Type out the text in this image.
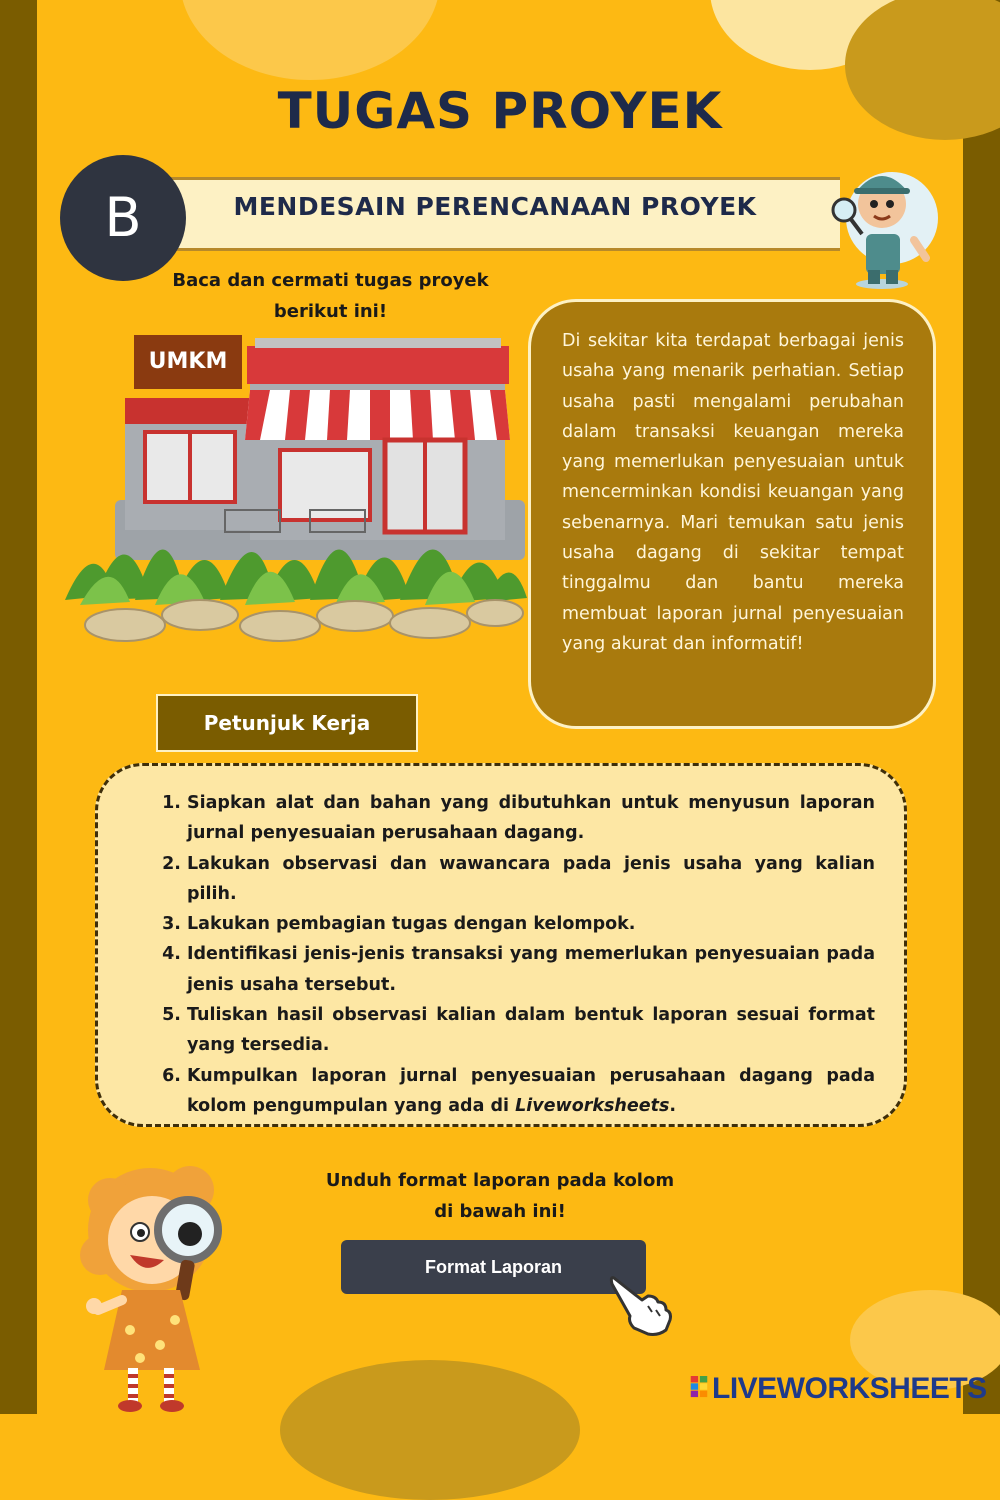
TUGAS PROYEK
MENDESAIN PERENCANAAN PROYEK
B
Baca dan cermati tugas proyek
berikut ini!
UMKM
Di sekitar kita terdapat berbagai jenis usaha yang menarik perhatian. Setiap usaha pasti mengalami perubahan dalam transaksi keuangan mereka yang memerlukan penyesuaian untuk mencerminkan kondisi keuangan yang sebenarnya. Mari temukan satu jenis usaha dagang di sekitar tempat tinggalmu dan bantu mereka membuat laporan jurnal penyesuaian yang akurat dan informatif!
Petunjuk Kerja
1. Siapkan alat dan bahan yang dibutuhkan untuk menyusun laporan jurnal penyesuaian perusahaan dagang.
2. Lakukan observasi dan wawancara pada jenis usaha yang kalian pilih.
3. Lakukan pembagian tugas dengan kelompok.
4. Identifikasi jenis-jenis transaksi yang memerlukan penyesuaian pada jenis usaha tersebut.
5. Tuliskan hasil observasi kalian dalam bentuk laporan sesuai format yang tersedia.
6. Kumpulkan laporan jurnal penyesuaian perusahaan dagang pada kolom pengumpulan yang ada di Liveworksheets.
Unduh format laporan pada kolom
di bawah ini!
Format Laporan
LIVEWORKSHEETS
